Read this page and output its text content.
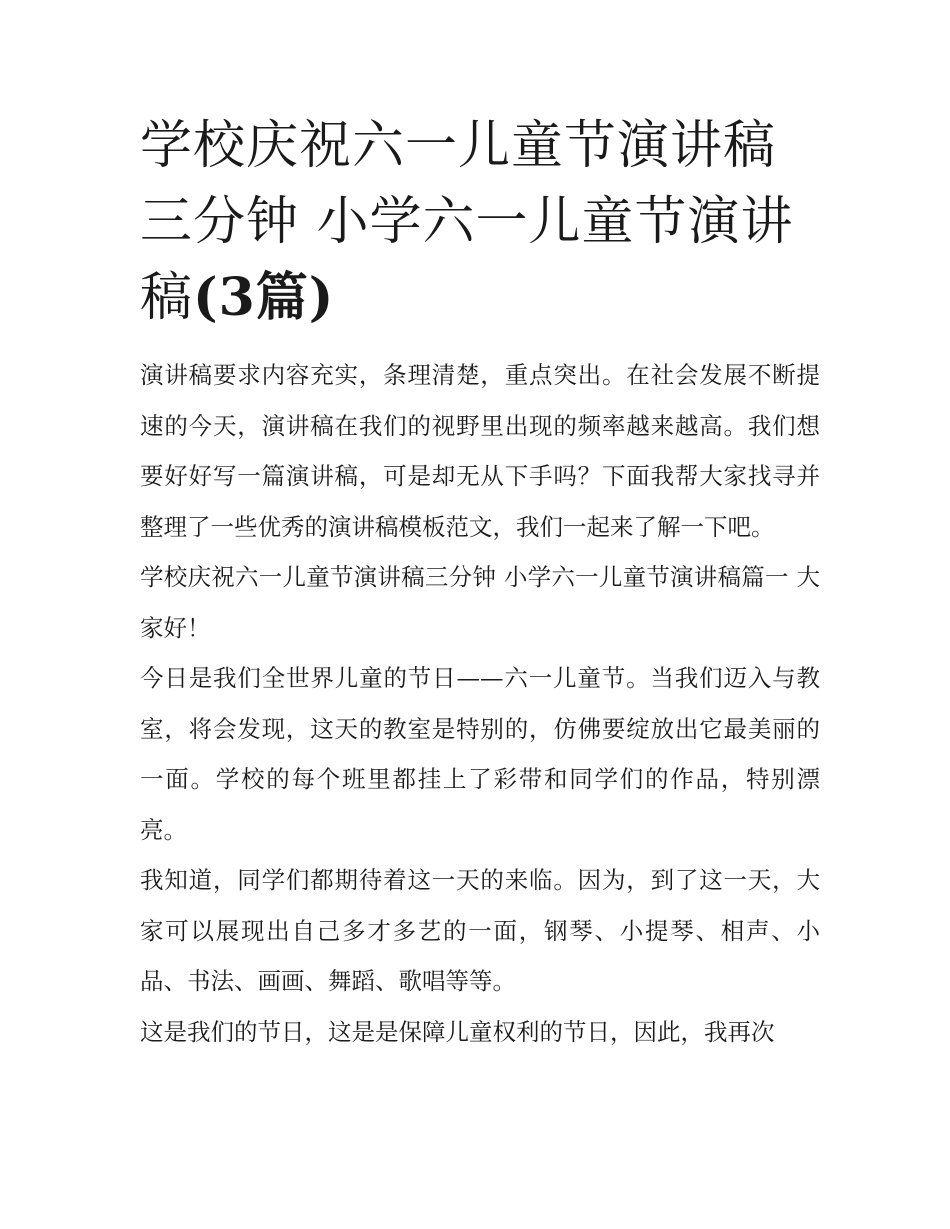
学校庆祝六一儿童节演讲稿三分钟 小学六一儿童节演讲稿(3篇)

演讲稿要求内容充实，条理清楚，重点突出。在社会发展不断提速的今天，演讲稿在我们的视野里出现的频率越来越高。我们想要好好写一篇演讲稿，可是却无从下手吗？下面我帮大家找寻并整理了一些优秀的演讲稿模板范文，我们一起来了解一下吧。

学校庆祝六一儿童节演讲稿三分钟 小学六一儿童节演讲稿篇一 大家好！

今日是我们全世界儿童的节日——六一儿童节。当我们迈入与教室，将会发现，这天的教室是特别的，仿佛要绽放出它最美丽的一面。学校的每个班里都挂上了彩带和同学们的作品，特别漂亮。

我知道，同学们都期待着这一天的来临。因为，到了这一天，大家可以展现出自己多才多艺的一面，钢琴、小提琴、相声、小品、书法、画画、舞蹈、歌唱等等。

这是我们的节日，这是是保障儿童权利的节日，因此，我再次
